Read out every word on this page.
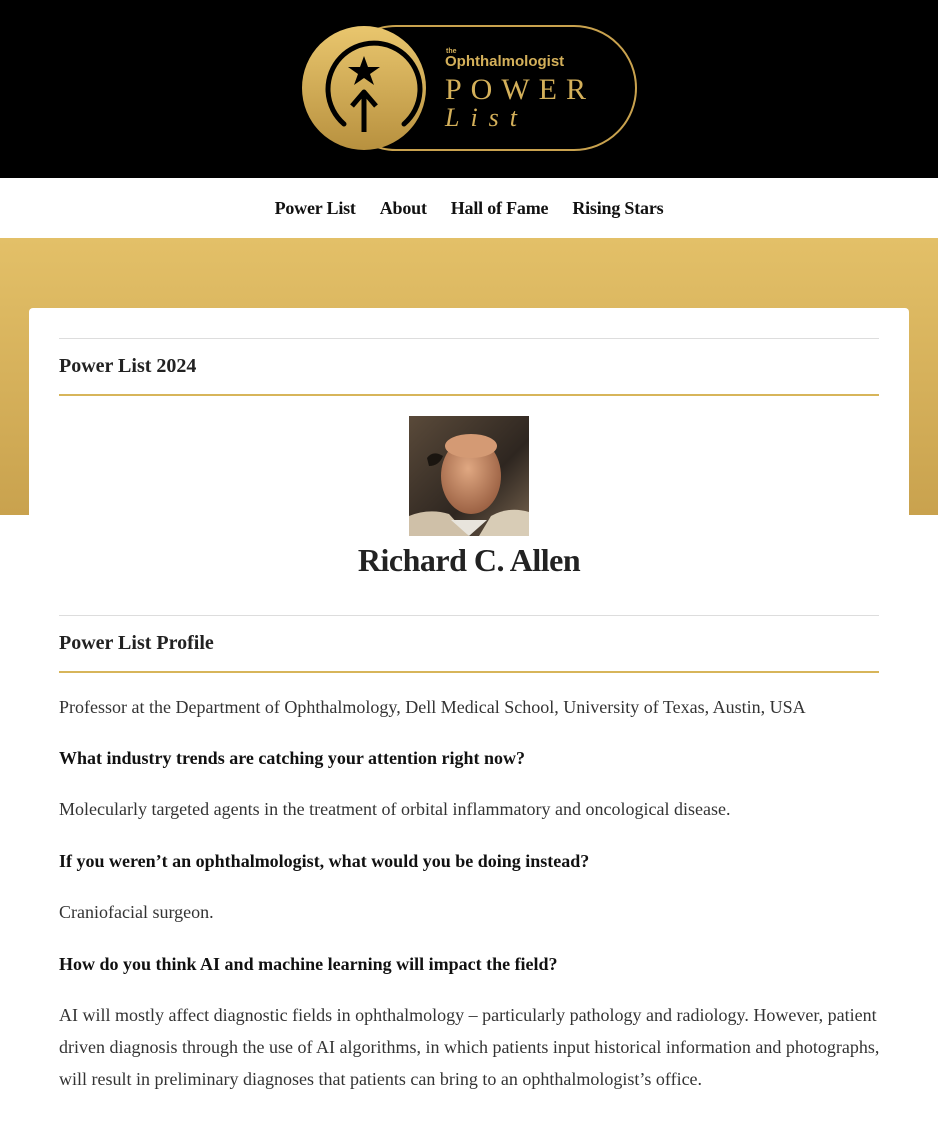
the
Ophthalmologist
POWER
List
Power List About Hall of Fame Rising Stars
Power List 2024
Richard C. Allen
Power List Profile

Professor at the Department of Ophthalmology, Dell Medical School, University of Texas, Austin, USA

What industry trends are catching your attention right now?

Molecularly targeted agents in the treatment of orbital inflammatory and oncological disease.

If you weren’t an ophthalmologist, what would you be doing instead?

Craniofacial surgeon.

How do you think AI and machine learning will impact the field?

AI will mostly affect diagnostic fields in ophthalmology – particularly pathology and radiology. However, patient driven diagnosis through the use of AI algorithms, in which patients input historical information and photographs, will result in preliminary diagnoses that patients can bring to an ophthalmologist’s office.
